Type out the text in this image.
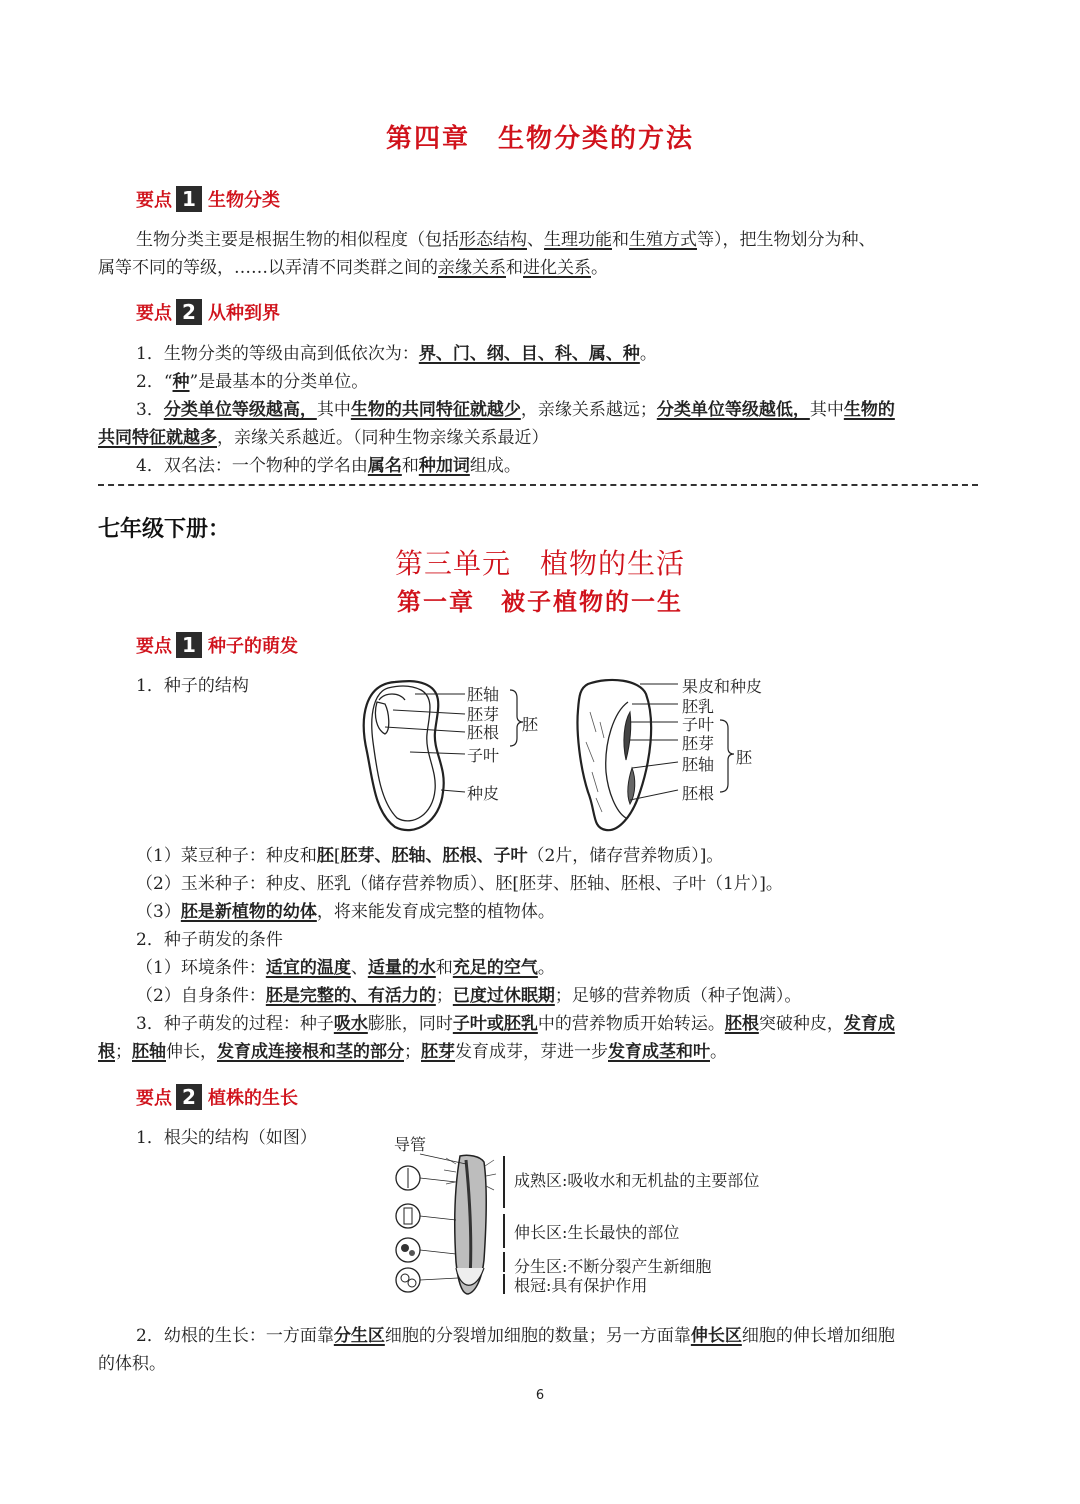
第四章　生物分类的方法
要点 1 生物分类
生物分类主要是根据生物的相似程度（包括形态结构、生理功能和生殖方式等），把生物划分为种、
属等不同的等级，……以弄清不同类群之间的亲缘关系和进化关系。
要点 2 从种到界
1．生物分类的等级由高到低依次为：界、门、纲、目、科、属、种。
2．“种”是最基本的分类单位。
3．分类单位等级越高，其中生物的共同特征就越少，亲缘关系越远；分类单位等级越低，其中生物的
共同特征就越多，亲缘关系越近。（同种生物亲缘关系最近）
4．双名法：一个物种的学名由属名和种加词组成。
七年级下册：
第三单元　植物的生活
第一章　被子植物的一生
要点 1 种子的萌发
1．种子的结构	胚轴
胚芽
胚根
子叶
种皮
胚
果皮和种皮
胚乳
子叶
胚芽
胚轴
胚根
胚
（1）菜豆种子：种皮和胚[胚芽、胚轴、胚根、子叶（2片，储存营养物质）]。
（2）玉米种子：种皮、胚乳（储存营养物质）、胚[胚芽、胚轴、胚根、子叶（1片）]。
（3）胚是新植物的幼体，将来能发育成完整的植物体。
2．种子萌发的条件
（1）环境条件：适宜的温度、适量的水和充足的空气。
（2）自身条件：胚是完整的、有活力的；已度过休眠期；足够的营养物质（种子饱满）。
3．种子萌发的过程：种子吸水膨胀，同时子叶或胚乳中的营养物质开始转运。胚根突破种皮，发育成
根；胚轴伸长，发育成连接根和茎的部分；胚芽发育成芽，芽进一步发育成茎和叶。
要点 2 植株的生长
1．根尖的结构（如图）	导管
成熟区:吸收水和无机盐的主要部位
伸长区:生长最快的部位
分生区:不断分裂产生新细胞
根冠:具有保护作用
2．幼根的生长：一方面靠分生区细胞的分裂增加细胞的数量；另一方面靠伸长区细胞的伸长增加细胞
的体积。
6
